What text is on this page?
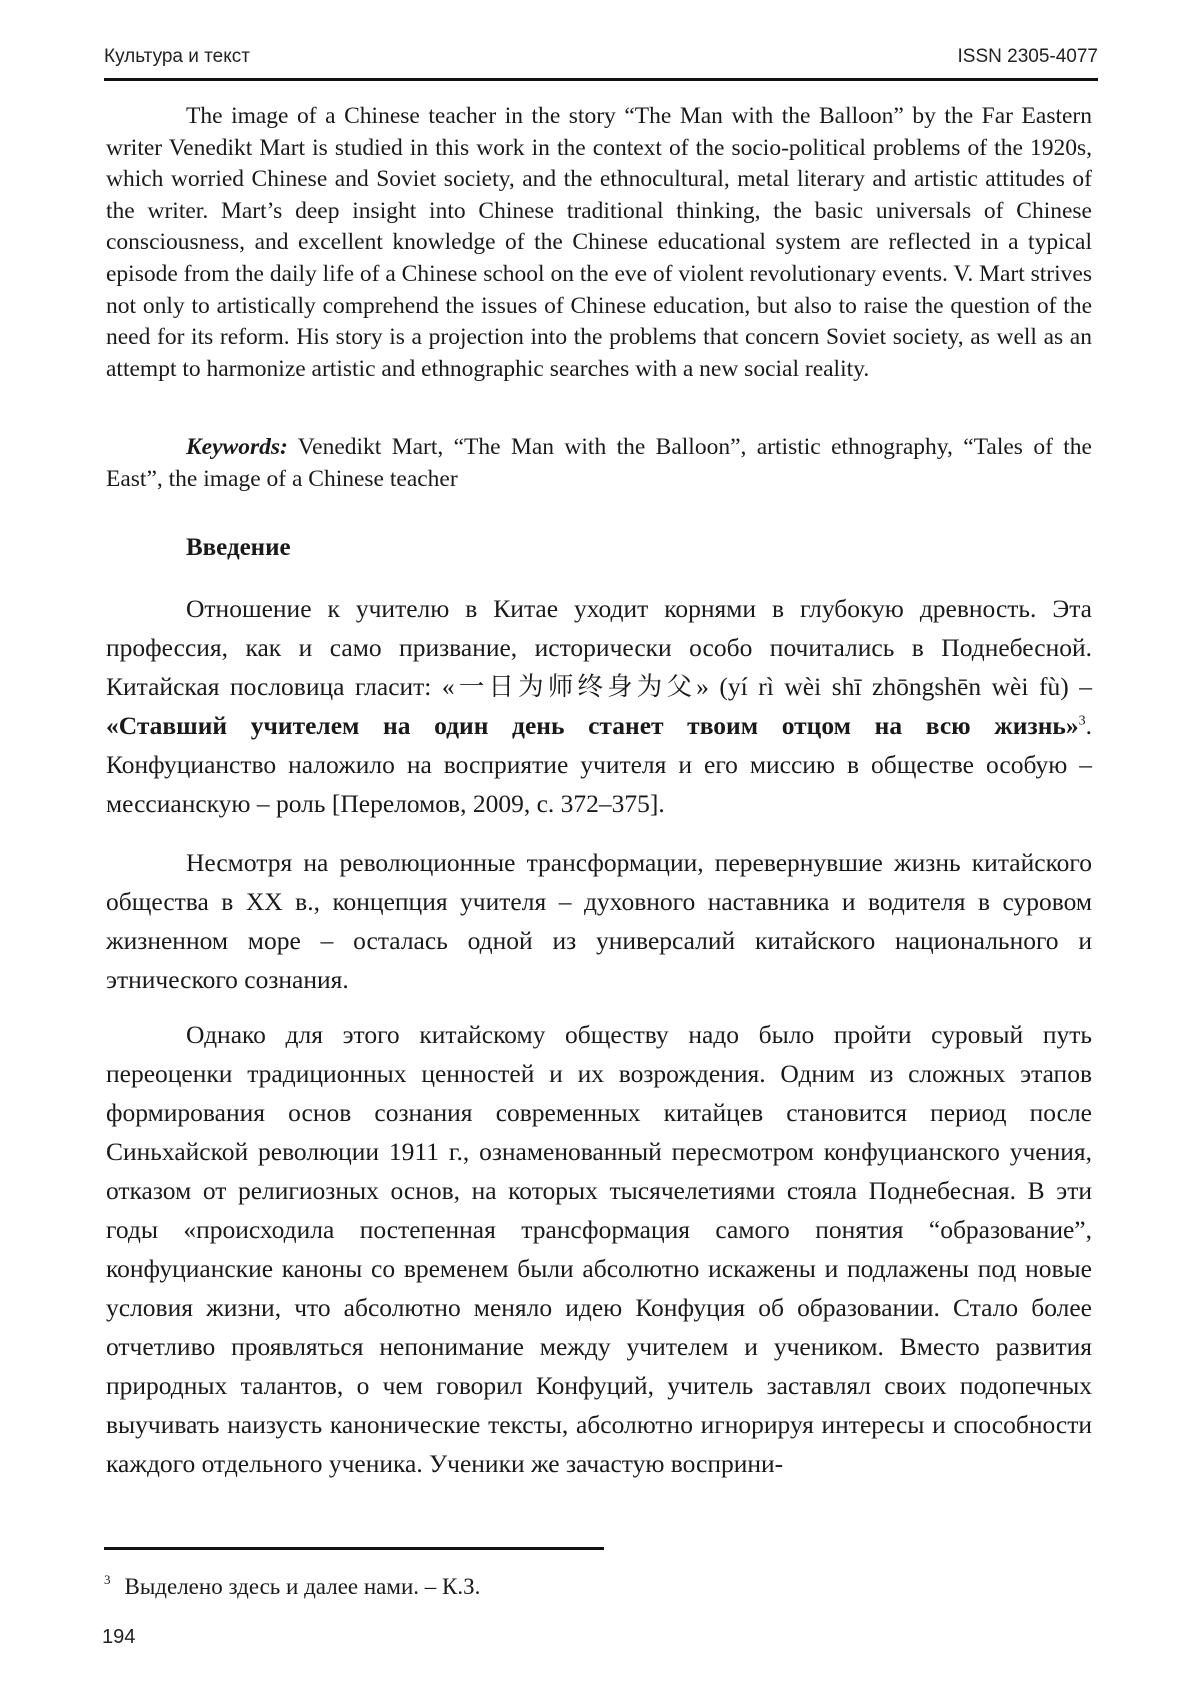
Культура и текст	ISSN 2305-4077

The image of a Chinese teacher in the story “The Man with the Balloon” by the Far Eastern writer Venedikt Mart is studied in this work in the context of the socio-political problems of the 1920s, which worried Chinese and Soviet society, and the ethnocultural, metal literary and artistic attitudes of the writer. Mart’s deep insight into Chinese traditional thinking, the basic universals of Chinese consciousness, and excellent knowledge of the Chinese educational system are reflected in a typical episode from the daily life of a Chinese school on the eve of violent revolutionary events. V. Mart strives not only to artistically comprehend the issues of Chinese education, but also to raise the question of the need for its reform. His story is a projection into the problems that concern Soviet society, as well as an attempt to harmonize artistic and ethnographic searches with a new social reality.

Keywords: Venedikt Mart, “The Man with the Balloon”, artistic ethnography, “Tales of the East”, the image of a Chinese teacher

Введение

Отношение к учителю в Китае уходит корнями в глубокую древность. Эта профессия, как и само призвание, исторически особо почитались в Поднебесной. Китайская пословица гласит: «一日为师终身为父» (yí rì wèi shī zhōngshēn wèi fù) – «Ставший учителем на один день станет твоим отцом на всю жизнь»$^3$. Конфуцианство наложило на восприятие учителя и его миссию в обществе особую – мессианскую – роль [Переломов, 2009, с. 372–375].

Несмотря на революционные трансформации, перевернувшие жизнь китайского общества в XX в., концепция учителя – духовного наставника и водителя в суровом жизненном море – осталась одной из универсалий китайского национального и этнического сознания.

Однако для этого китайскому обществу надо было пройти суровый путь переоценки традиционных ценностей и их возрождения. Одним из сложных этапов формирования основ сознания современных китайцев становится период после Синьхайской революции 1911 г., ознаменованный пересмотром конфуцианского учения, отказом от религиозных основ, на которых тысячелетиями стояла Поднебесная. В эти годы «происходила постепенная трансформация самого понятия “образование”, конфуцианские каноны со временем были абсолютно искажены и подлажены под новые условия жизни, что абсолютно меняло идею Конфуция об образовании. Стало более отчетливо проявляться непонимание между учителем и учеником. Вместо развития природных талантов, о чем говорил Конфуций, учитель заставлял своих подопечных выучивать наизусть канонические тексты, абсолютно игнорируя интересы и способности каждого отдельного ученика. Ученики же зачастую восприни-

$^3$ Выделено здесь и далее нами. – К.З.

194
